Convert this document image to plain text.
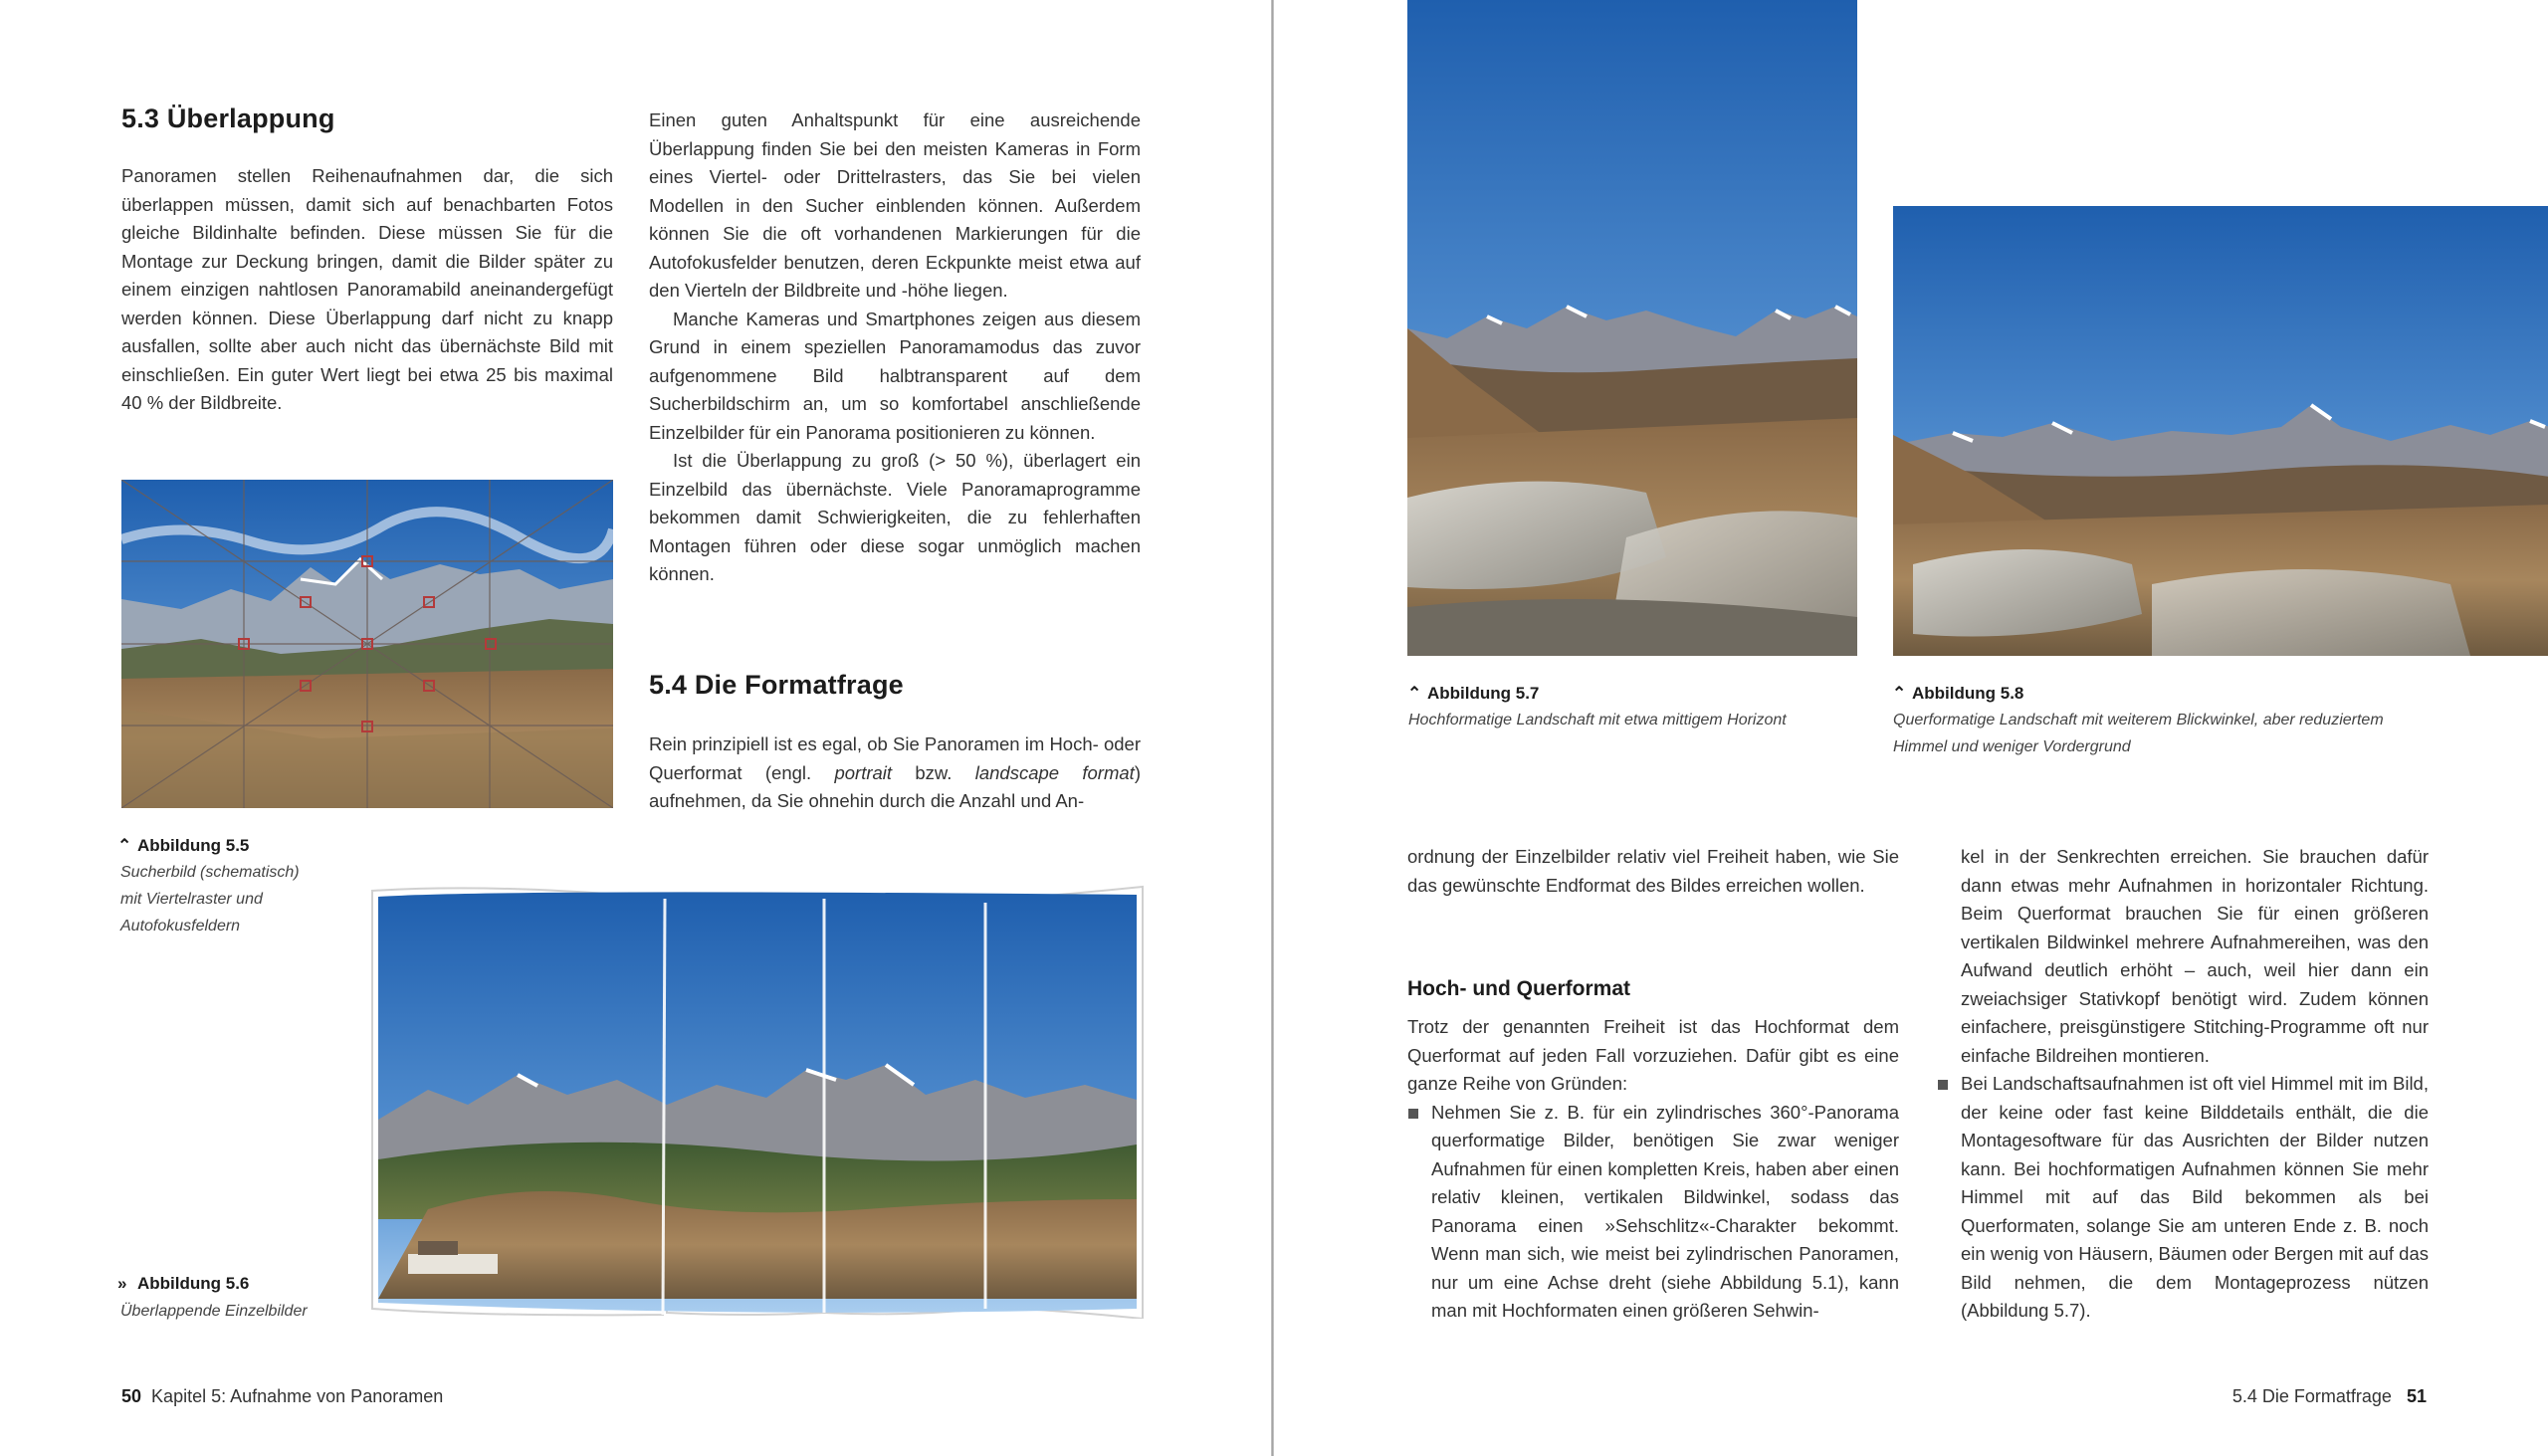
5.3 Überlappung

Panoramen stellen Reihenaufnahmen dar, die sich überlappen müssen, damit sich auf benachbarten Fotos gleiche Bildinhalte befinden. Diese müssen Sie für die Montage zur Deckung bringen, damit die Bilder später zu einem einzigen nahtlosen Panoramabild aneinandergefügt werden können. Diese Überlappung darf nicht zu knapp ausfallen, sollte aber auch nicht das übernächste Bild mit einschließen. Ein guter Wert liegt bei etwa 25 bis maximal 40 % der Bildbreite.

Einen guten Anhaltspunkt für eine ausreichende Überlappung finden Sie bei den meisten Kameras in Form eines Viertel- oder Drittelrasters, das Sie bei vielen Modellen in den Sucher einblenden können. Außerdem können Sie die oft vorhandenen Markierungen für die Autofokusfelder benutzen, deren Eckpunkte meist etwa auf den Vierteln der Bildbreite und -höhe liegen.

Manche Kameras und Smartphones zeigen aus diesem Grund in einem speziellen Panoramamodus das zuvor aufgenommene Bild halbtransparent auf dem Sucherbildschirm an, um so komfortabel anschließende Einzelbilder für ein Panorama positionieren zu können.

Ist die Überlappung zu groß (> 50 %), überlagert ein Einzelbild das übernächste. Viele Panoramaprogramme bekommen damit Schwierigkeiten, die zu fehlerhaften Montagen führen oder diese sogar unmöglich machen können.

5.4 Die Formatfrage

Rein prinzipiell ist es egal, ob Sie Panoramen im Hoch- oder Querformat (engl. portrait bzw. landscape format) aufnehmen, da Sie ohnehin durch die Anzahl und An-

⌃ Abbildung 5.5
Sucherbild (schematisch) mit Viertelraster und Autofokusfeldern
» Abbildung 5.6
Überlappende Einzelbilder
50 Kapitel 5: Aufnahme von Panoramen
⌃ Abbildung 5.7
Hochformatige Landschaft mit etwa mittigem Horizont
⌃ Abbildung 5.8
Querformatige Landschaft mit weiterem Blickwinkel, aber reduziertem Himmel und weniger Vordergrund

ordnung der Einzelbilder relativ viel Freiheit haben, wie Sie das gewünschte Endformat des Bildes erreichen wollen.

Hoch- und Querformat

Trotz der genannten Freiheit ist das Hochformat dem Querformat auf jeden Fall vorzuziehen. Dafür gibt es eine ganze Reihe von Gründen:

Nehmen Sie z. B. für ein zylindrisches 360°-Panorama querformatige Bilder, benötigen Sie zwar weniger Aufnahmen für einen kompletten Kreis, haben aber einen relativ kleinen, vertikalen Bildwinkel, sodass das Panorama einen »Sehschlitz«-Charakter bekommt. Wenn man sich, wie meist bei zylindrischen Panoramen, nur um eine Achse dreht (siehe Abbildung 5.1), kann man mit Hochformaten einen größeren Sehwin-

kel in der Senkrechten erreichen. Sie brauchen dafür dann etwas mehr Aufnahmen in horizontaler Richtung. Beim Querformat brauchen Sie für einen größeren vertikalen Bildwinkel mehrere Aufnahmereihen, was den Aufwand deutlich erhöht – auch, weil hier dann ein zweiachsiger Stativkopf benötigt wird. Zudem können einfachere, preisgünstigere Stitching-Programme oft nur einfache Bildreihen montieren.

Bei Landschaftsaufnahmen ist oft viel Himmel mit im Bild, der keine oder fast keine Bilddetails enthält, die die Montagesoftware für das Ausrichten der Bilder nutzen kann. Bei hochformatigen Aufnahmen können Sie mehr Himmel mit auf das Bild bekommen als bei Querformaten, solange Sie am unteren Ende z. B. noch ein wenig von Häusern, Bäumen oder Bergen mit auf das Bild nehmen, die dem Montageprozess nützen (Abbildung 5.7).
5.4 Die Formatfrage 51
